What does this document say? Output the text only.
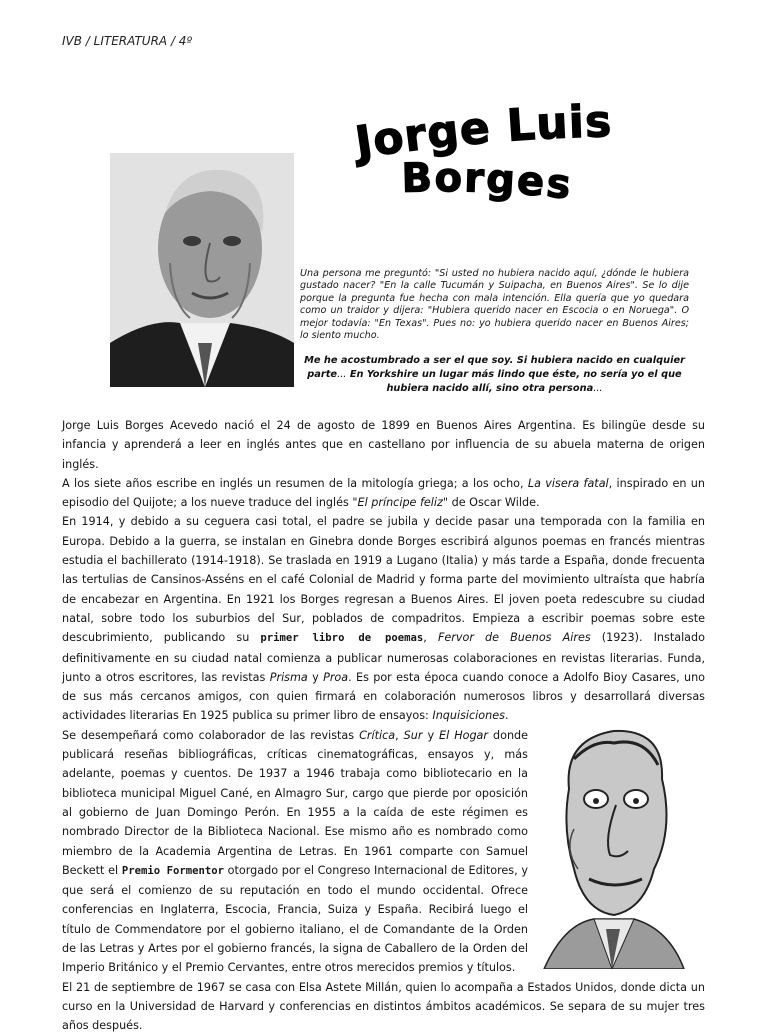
IVB / LITERATURA / 4º
Jorge Luis
Borges
Una persona me preguntó: "Si usted no hubiera nacido aquí, ¿dónde le hubiera gustado nacer? "En la calle Tucumán y Suipacha, en Buenos Aires". Se lo dije porque la pregunta fue hecha con mala intención. Ella quería que yo quedara como un traidor y dijera: "Hubiera querido nacer en Escocia o en Noruega". O mejor todavía: "En Texas". Pues no: yo hubiera querido nacer en Buenos Aires; lo siento mucho.
Me he acostumbrado a ser el que soy. Si hubiera nacido en cualquier parte... En Yorkshire un lugar más lindo que éste, no sería yo el que hubiera nacido allí, sino otra persona...

Jorge Luis Borges Acevedo nació el 24 de agosto de 1899 en Buenos Aires Argentina. Es bilingüe desde su infancia y aprenderá a leer en inglés antes que en castellano por influencia de su abuela materna de origen inglés.

A los siete años escribe en inglés un resumen de la mitología griega; a los ocho, La visera fatal, inspirado en un episodio del Quijote; a los nueve traduce del inglés "El príncipe feliz" de Oscar Wilde.

En 1914, y debido a su ceguera casi total, el padre se jubila y decide pasar una temporada con la familia en Europa. Debido a la guerra, se instalan en Ginebra donde Borges escribirá algunos poemas en francés mientras estudia el bachillerato (1914-1918). Se traslada en 1919 a Lugano (Italia) y más tarde a España, donde frecuenta las tertulias de Cansinos-Asséns en el café Colonial de Madrid y forma parte del movimiento ultraísta que habría de encabezar en Argentina. En 1921 los Borges regresan a Buenos Aires. El joven poeta redescubre su ciudad natal, sobre todo los suburbios del Sur, poblados de compadritos. Empieza a escribir poemas sobre este descubrimiento, publicando su primer libro de poemas, Fervor de Buenos Aires (1923). Instalado definitivamente en su ciudad natal comienza a publicar numerosas colaboraciones en revistas literarias. Funda, junto a otros escritores, las revistas Prisma y Proa. Es por esta época cuando conoce a Adolfo Bioy Casares, uno de sus más cercanos amigos, con quien firmará en colaboración numerosos libros y desarrollará diversas actividades literarias En 1925 publica su primer libro de ensayos: Inquisiciones.

Se desempeñará como colaborador de las revistas Crítica, Sur y El Hogar donde publicará reseñas bibliográficas, críticas cinematográficas, ensayos y, más adelante, poemas y cuentos. De 1937 a 1946 trabaja como bibliotecario en la biblioteca municipal Miguel Cané, en Almagro Sur, cargo que pierde por oposición al gobierno de Juan Domingo Perón. En 1955 a la caída de este régimen es nombrado Director de la Biblioteca Nacional. Ese mismo año es nombrado como miembro de la Academia Argentina de Letras. En 1961 comparte con Samuel Beckett el Premio Formentor otorgado por el Congreso Internacional de Editores, y que será el comienzo de su reputación en todo el mundo occidental. Ofrece conferencias en Inglaterra, Escocia, Francia, Suiza y España. Recibirá luego el título de Commendatore por el gobierno italiano, el de Comandante de la Orden de las Letras y Artes por el gobierno francés, la signa de Caballero de la Orden del Imperio Británico y el Premio Cervantes, entre otros merecidos premios y títulos.

El 21 de septiembre de 1967 se casa con Elsa Astete Millán, quien lo acompaña a Estados Unidos, donde dicta un curso en la Universidad de Harvard y conferencias en distintos ámbitos académicos. Se separa de su mujer tres años después.
